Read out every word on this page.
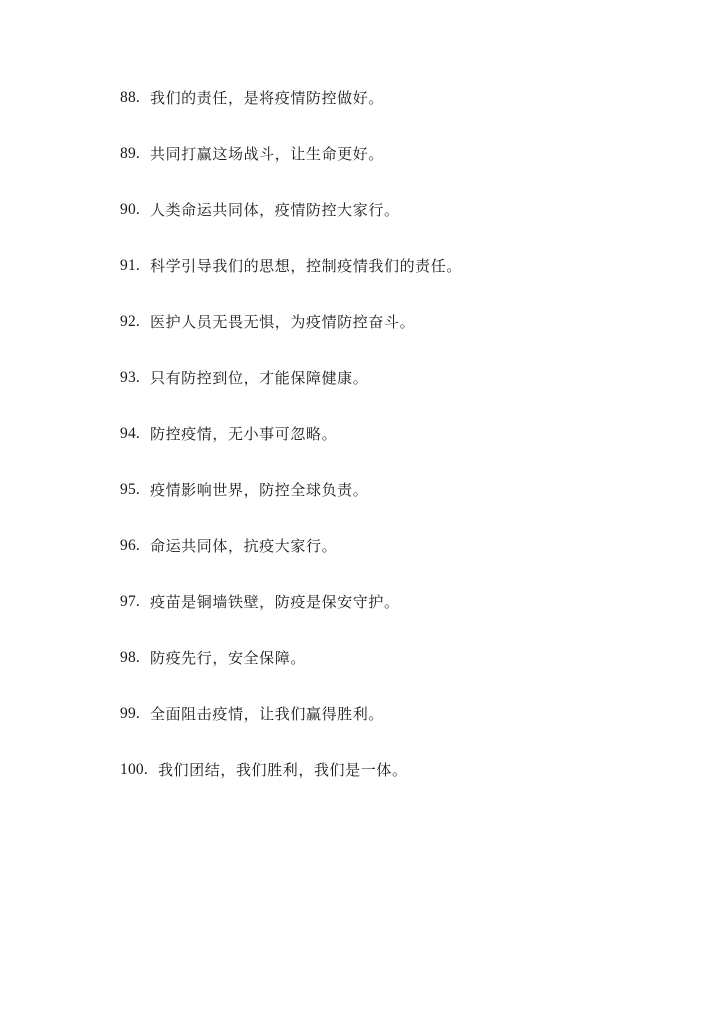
88. 我们的责任，是将疫情防控做好。
89. 共同打赢这场战斗，让生命更好。
90. 人类命运共同体，疫情防控大家行。
91. 科学引导我们的思想，控制疫情我们的责任。
92. 医护人员无畏无惧，为疫情防控奋斗。
93. 只有防控到位，才能保障健康。
94. 防控疫情，无小事可忽略。
95. 疫情影响世界，防控全球负责。
96. 命运共同体，抗疫大家行。
97. 疫苗是铜墙铁壁，防疫是保安守护。
98. 防疫先行，安全保障。
99. 全面阻击疫情，让我们赢得胜利。
100. 我们团结，我们胜利，我们是一体。
